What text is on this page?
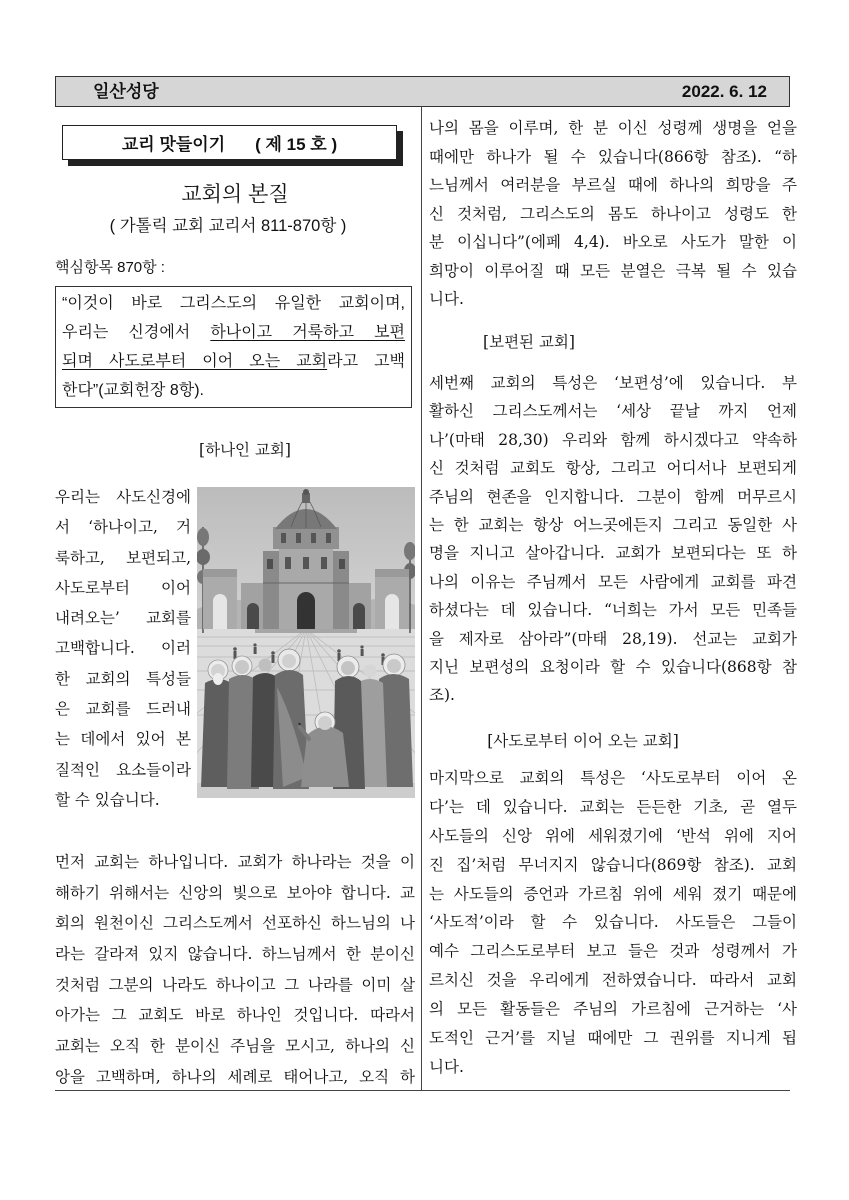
일산성당	2022. 6. 12
교리 맛들이기 ( 제 15 호 )
교회의 본질
( 가톨릭 교회 교리서 811-870항 )
핵심항목 870항 :
“이것이 바로 그리스도의 유일한 교회이며,
우리는 신경에서 하나이고 거룩하고 보편
되며 사도로부터 이어 오는 교회라고 고백
한다”(교회헌장 8항).
[하나인 교회]
우리는 사도신경에
서 ‘하나이고, 거
룩하고, 보편되고,
사도로부터 이어
내려오는’ 교회를
고백합니다. 이러
한 교회의 특성들
은 교회를 드러내
는 데에서 있어 본
질적인 요소들이라
할 수 있습니다.
먼저 교회는 하나입니다. 교회가 하나라는 것을 이
해하기 위해서는 신앙의 빛으로 보아야 합니다. 교
회의 원천이신 그리스도께서 선포하신 하느님의 나
라는 갈라져 있지 않습니다. 하느님께서 한 분이신
것처럼 그분의 나라도 하나이고 그 나라를 이미 살
아가는 그 교회도 바로 하나인 것입니다. 따라서
교회는 오직 한 분이신 주님을 모시고, 하나의 신
앙을 고백하며, 하나의 세례로 태어나고, 오직 하
나의 몸을 이루며, 한 분 이신 성령께 생명을 얻을
때에만 하나가 될 수 있습니다(866항 참조). “하
느님께서 여러분을 부르실 때에 하나의 희망을 주
신 것처럼, 그리스도의 몸도 하나이고 성령도 한
분 이십니다”(에페 4,4). 바오로 사도가 말한 이
희망이 이루어질 때 모든 분열은 극복 될 수 있습
니다.
[보편된 교회]
세번째 교회의 특성은 ‘보편성’에 있습니다. 부
활하신 그리스도께서는 ‘세상 끝날 까지 언제
나’(마태 28,30) 우리와 함께 하시겠다고 약속하
신 것처럼 교회도 항상, 그리고 어디서나 보편되게
주님의 현존을 인지합니다. 그분이 함께 머무르시
는 한 교회는 항상 어느곳에든지 그리고 동일한 사
명을 지니고 살아갑니다. 교회가 보편되다는 또 하
나의 이유는 주님께서 모든 사람에게 교회를 파견
하셨다는 데 있습니다. “너희는 가서 모든 민족들
을 제자로 삼아라”(마태 28,19). 선교는 교회가
지닌 보편성의 요청이라 할 수 있습니다(868항 참
조).
[사도로부터 이어 오는 교회]
마지막으로 교회의 특성은 ‘사도로부터 이어 온
다’는 데 있습니다. 교회는 든든한 기초, 곧 열두
사도들의 신앙 위에 세워졌기에 ‘반석 위에 지어
진 집’처럼 무너지지 않습니다(869항 참조). 교회
는 사도들의 증언과 가르침 위에 세워 졌기 때문에
‘사도적’이라 할 수 있습니다. 사도들은 그들이
예수 그리스도로부터 보고 들은 것과 성령께서 가
르치신 것을 우리에게 전하였습니다. 따라서 교회
의 모든 활동들은 주님의 가르침에 근거하는 ‘사
도적인 근거’를 지닐 때에만 그 권위를 지니게 됩
니다.
